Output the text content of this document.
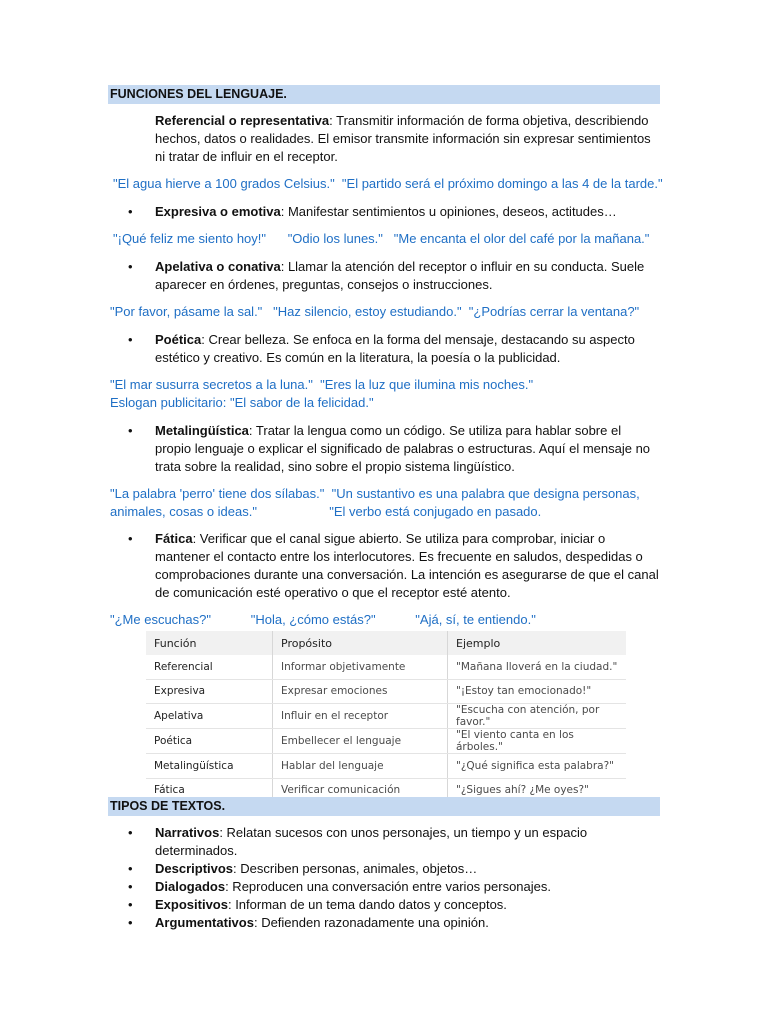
FUNCIONES DEL LENGUAJE.
Referencial o representativa: Transmitir información de forma objetiva, describiendo hechos, datos o realidades. El emisor transmite información sin expresar sentimientos ni tratar de influir en el receptor.
"El agua hierve a 100 grados Celsius."  "El partido será el próximo domingo a las 4 de la tarde."
• Expresiva o emotiva: Manifestar sentimientos u opiniones, deseos, actitudes…
"¡Qué feliz me siento hoy!"      "Odio los lunes."   "Me encanta el olor del café por la mañana."
• Apelativa o conativa: Llamar la atención del receptor o influir en su conducta. Suele aparecer en órdenes, preguntas, consejos o instrucciones.
"Por favor, pásame la sal."   "Haz silencio, estoy estudiando."  "¿Podrías cerrar la ventana?"
• Poética: Crear belleza. Se enfoca en la forma del mensaje, destacando su aspecto estético y creativo. Es común en la literatura, la poesía o la publicidad.
"El mar susurra secretos a la luna."  "Eres la luz que ilumina mis noches."
Eslogan publicitario: "El sabor de la felicidad."
• Metalingüística: Tratar la lengua como un código. Se utiliza para hablar sobre el propio lenguaje o explicar el significado de palabras o estructuras. Aquí el mensaje no trata sobre la realidad, sino sobre el propio sistema lingüístico.
"La palabra 'perro' tiene dos sílabas."  "Un sustantivo es una palabra que designa personas,
animales, cosas o ideas."                    "El verbo está conjugado en pasado.
• Fática: Verificar que el canal sigue abierto. Se utiliza para comprobar, iniciar o mantener el contacto entre los interlocutores. Es frecuente en saludos, despedidas o comprobaciones durante una conversación. La intención es asegurarse de que el canal de comunicación esté operativo o que el receptor esté atento.
"¿Me escuchas?"           "Hola, ¿cómo estás?"           "Ajá, sí, te entiendo."
Función	Propósito	Ejemplo
Referencial	Informar objetivamente	"Mañana lloverá en la ciudad."
Expresiva	Expresar emociones	"¡Estoy tan emocionado!"
Apelativa	Influir en el receptor	"Escucha con atención, por favor."
Poética	Embellecer el lenguaje	"El viento canta en los árboles."
Metalingüística	Hablar del lenguaje	"¿Qué significa esta palabra?"
Fática	Verificar comunicación	"¿Sigues ahí? ¿Me oyes?"
TIPOS DE TEXTOS.
• Narrativos: Relatan sucesos con unos personajes, un tiempo y un espacio determinados.
• Descriptivos: Describen personas, animales, objetos…
• Dialogados: Reproducen una conversación entre varios personajes.
• Expositivos: Informan de un tema dando datos y conceptos.
• Argumentativos: Defienden razonadamente una opinión.
